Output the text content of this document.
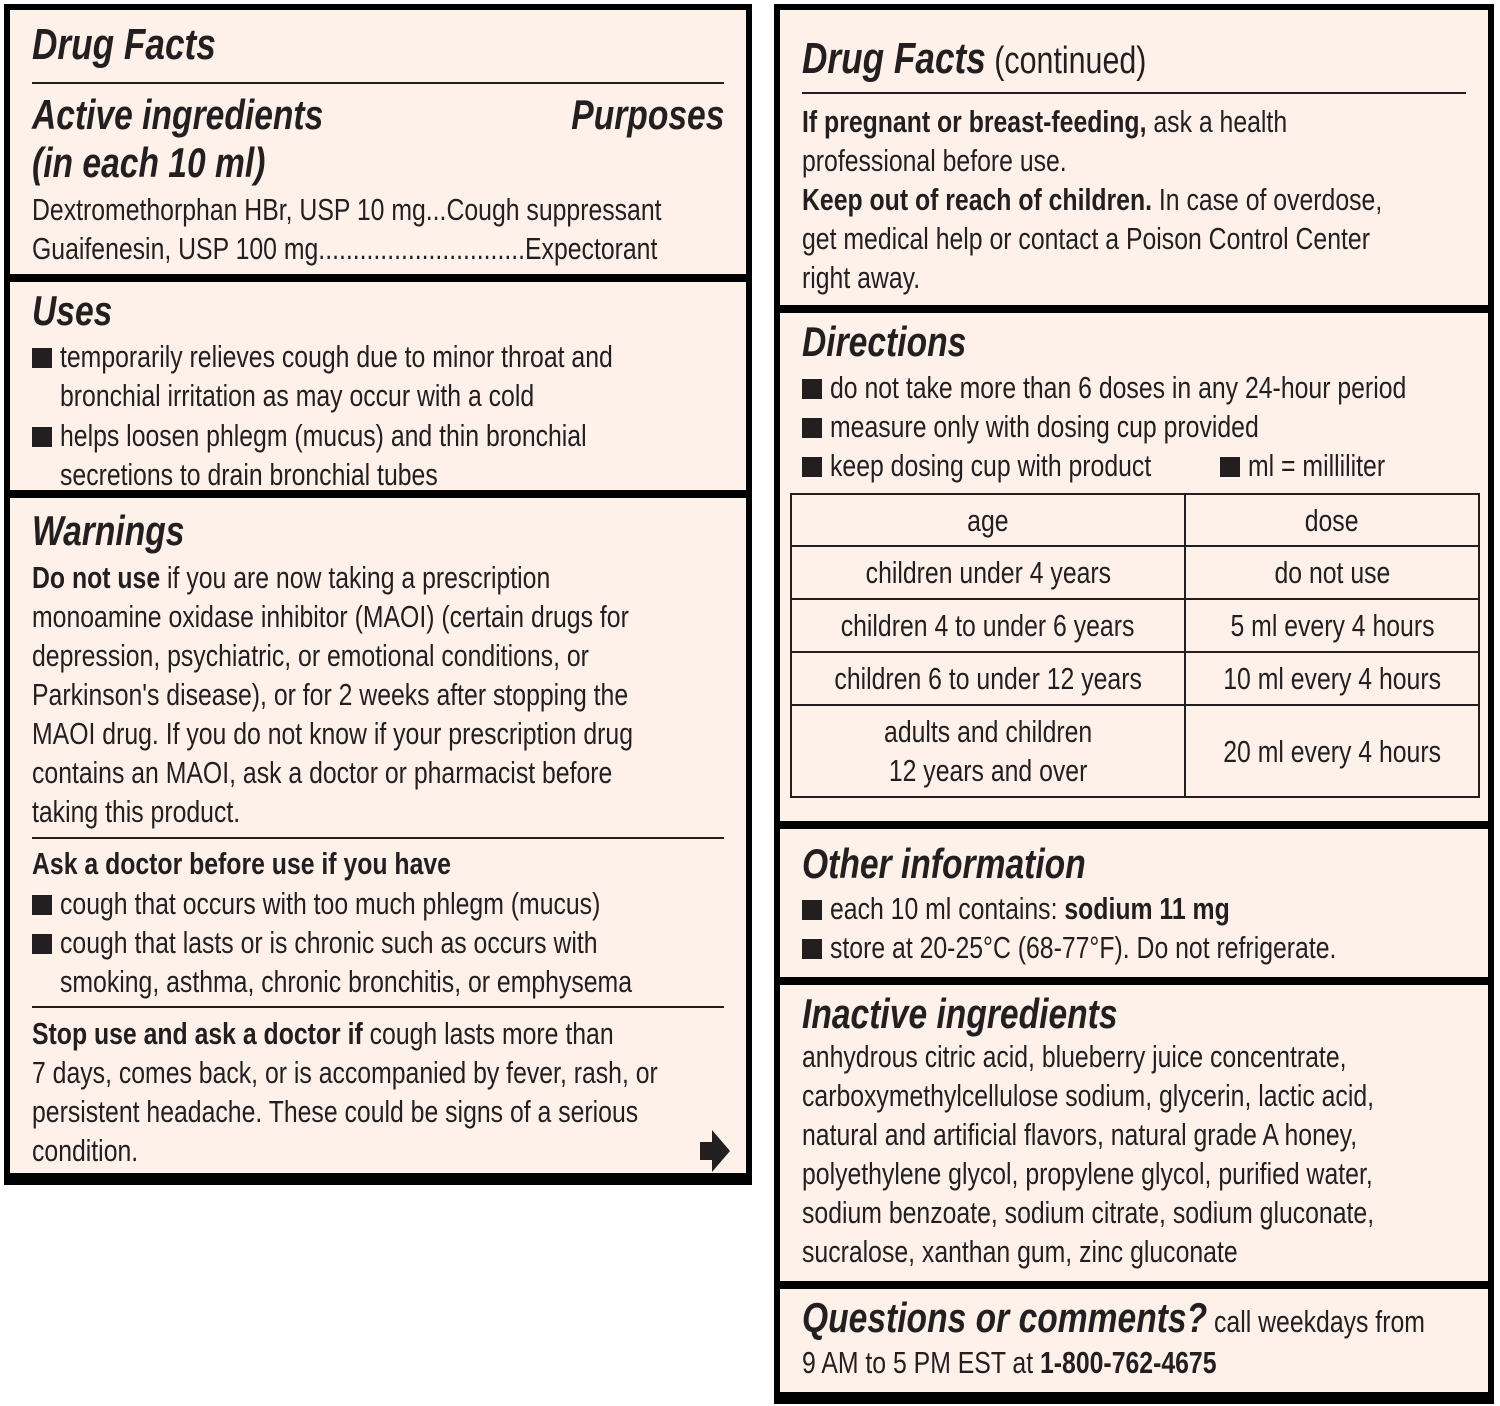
Drug Facts
Active ingredients	Purposes
(in each 10 ml)
Dextromethorphan HBr, USP 10 mg...Cough suppressant
Guaifenesin, USP 100 mg..............................Expectorant
Uses
temporarily relieves cough due to minor throat and
bronchial irritation as may occur with a cold
helps loosen phlegm (mucus) and thin bronchial
secretions to drain bronchial tubes
Warnings
Do not use if you are now taking a prescription
monoamine oxidase inhibitor (MAOI) (certain drugs for
depression, psychiatric, or emotional conditions, or
Parkinson's disease), or for 2 weeks after stopping the
MAOI drug. If you do not know if your prescription drug
contains an MAOI, ask a doctor or pharmacist before
taking this product.
Ask a doctor before use if you have
cough that occurs with too much phlegm (mucus)
cough that lasts or is chronic such as occurs with
smoking, asthma, chronic bronchitis, or emphysema
Stop use and ask a doctor if cough lasts more than
7 days, comes back, or is accompanied by fever, rash, or
persistent headache. These could be signs of a serious
condition.
Drug Facts (continued)
If pregnant or breast-feeding, ask a health
professional before use.
Keep out of reach of children. In case of overdose,
get medical help or contact a Poison Control Center
right away.
Directions
do not take more than 6 doses in any 24-hour period
measure only with dosing cup provided
keep dosing cup with product	ml = milliliter
age	dose
children under 4 years	do not use
children 4 to under 6 years	5 ml every 4 hours
children 6 to under 12 years	10 ml every 4 hours
adults and children
12 years and over	20 ml every 4 hours
Other information
each 10 ml contains: sodium 11 mg
store at 20-25°C (68-77°F). Do not refrigerate.
Inactive ingredients
anhydrous citric acid, blueberry juice concentrate,
carboxymethylcellulose sodium, glycerin, lactic acid,
natural and artificial flavors, natural grade A honey,
polyethylene glycol, propylene glycol, purified water,
sodium benzoate, sodium citrate, sodium gluconate,
sucralose, xanthan gum, zinc gluconate
Questions or comments? call weekdays from
9 AM to 5 PM EST at 1-800-762-4675
